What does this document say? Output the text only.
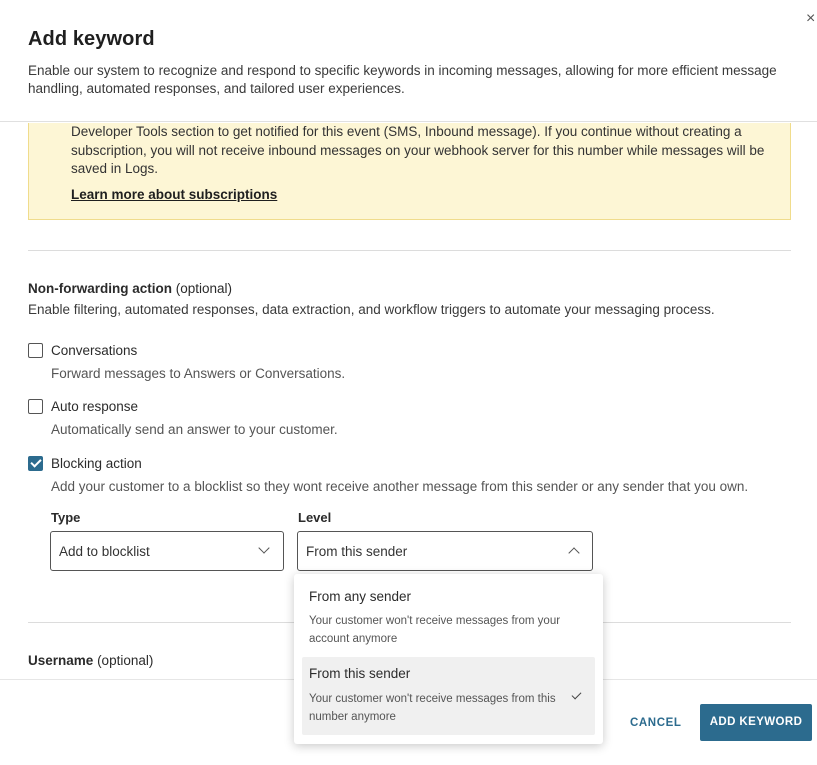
Add keyword
Enable our system to recognize and respond to specific keywords in incoming messages, allowing for more efficient message handling, automated responses, and tailored user experiences.
×
Developer Tools section to get notified for this event (SMS, Inbound message). If you continue without creating a subscription, you will not receive inbound messages on your webhook server for this number while messages will be saved in Logs.
Learn more about subscriptions
Non-forwarding action (optional)
Enable filtering, automated responses, data extraction, and workflow triggers to automate your messaging process.
Conversations
Forward messages to Answers or Conversations.
Auto response
Automatically send an answer to your customer.
Blocking action
Add your customer to a blocklist so they wont receive another message from this sender or any sender that you own.
Type
Add to blocklist
Level
From this sender
Username (optional)
CANCEL	ADD KEYWORD
From any sender
Your customer won't receive messages from your account anymore
From this sender
Your customer won't receive messages from this number anymore
